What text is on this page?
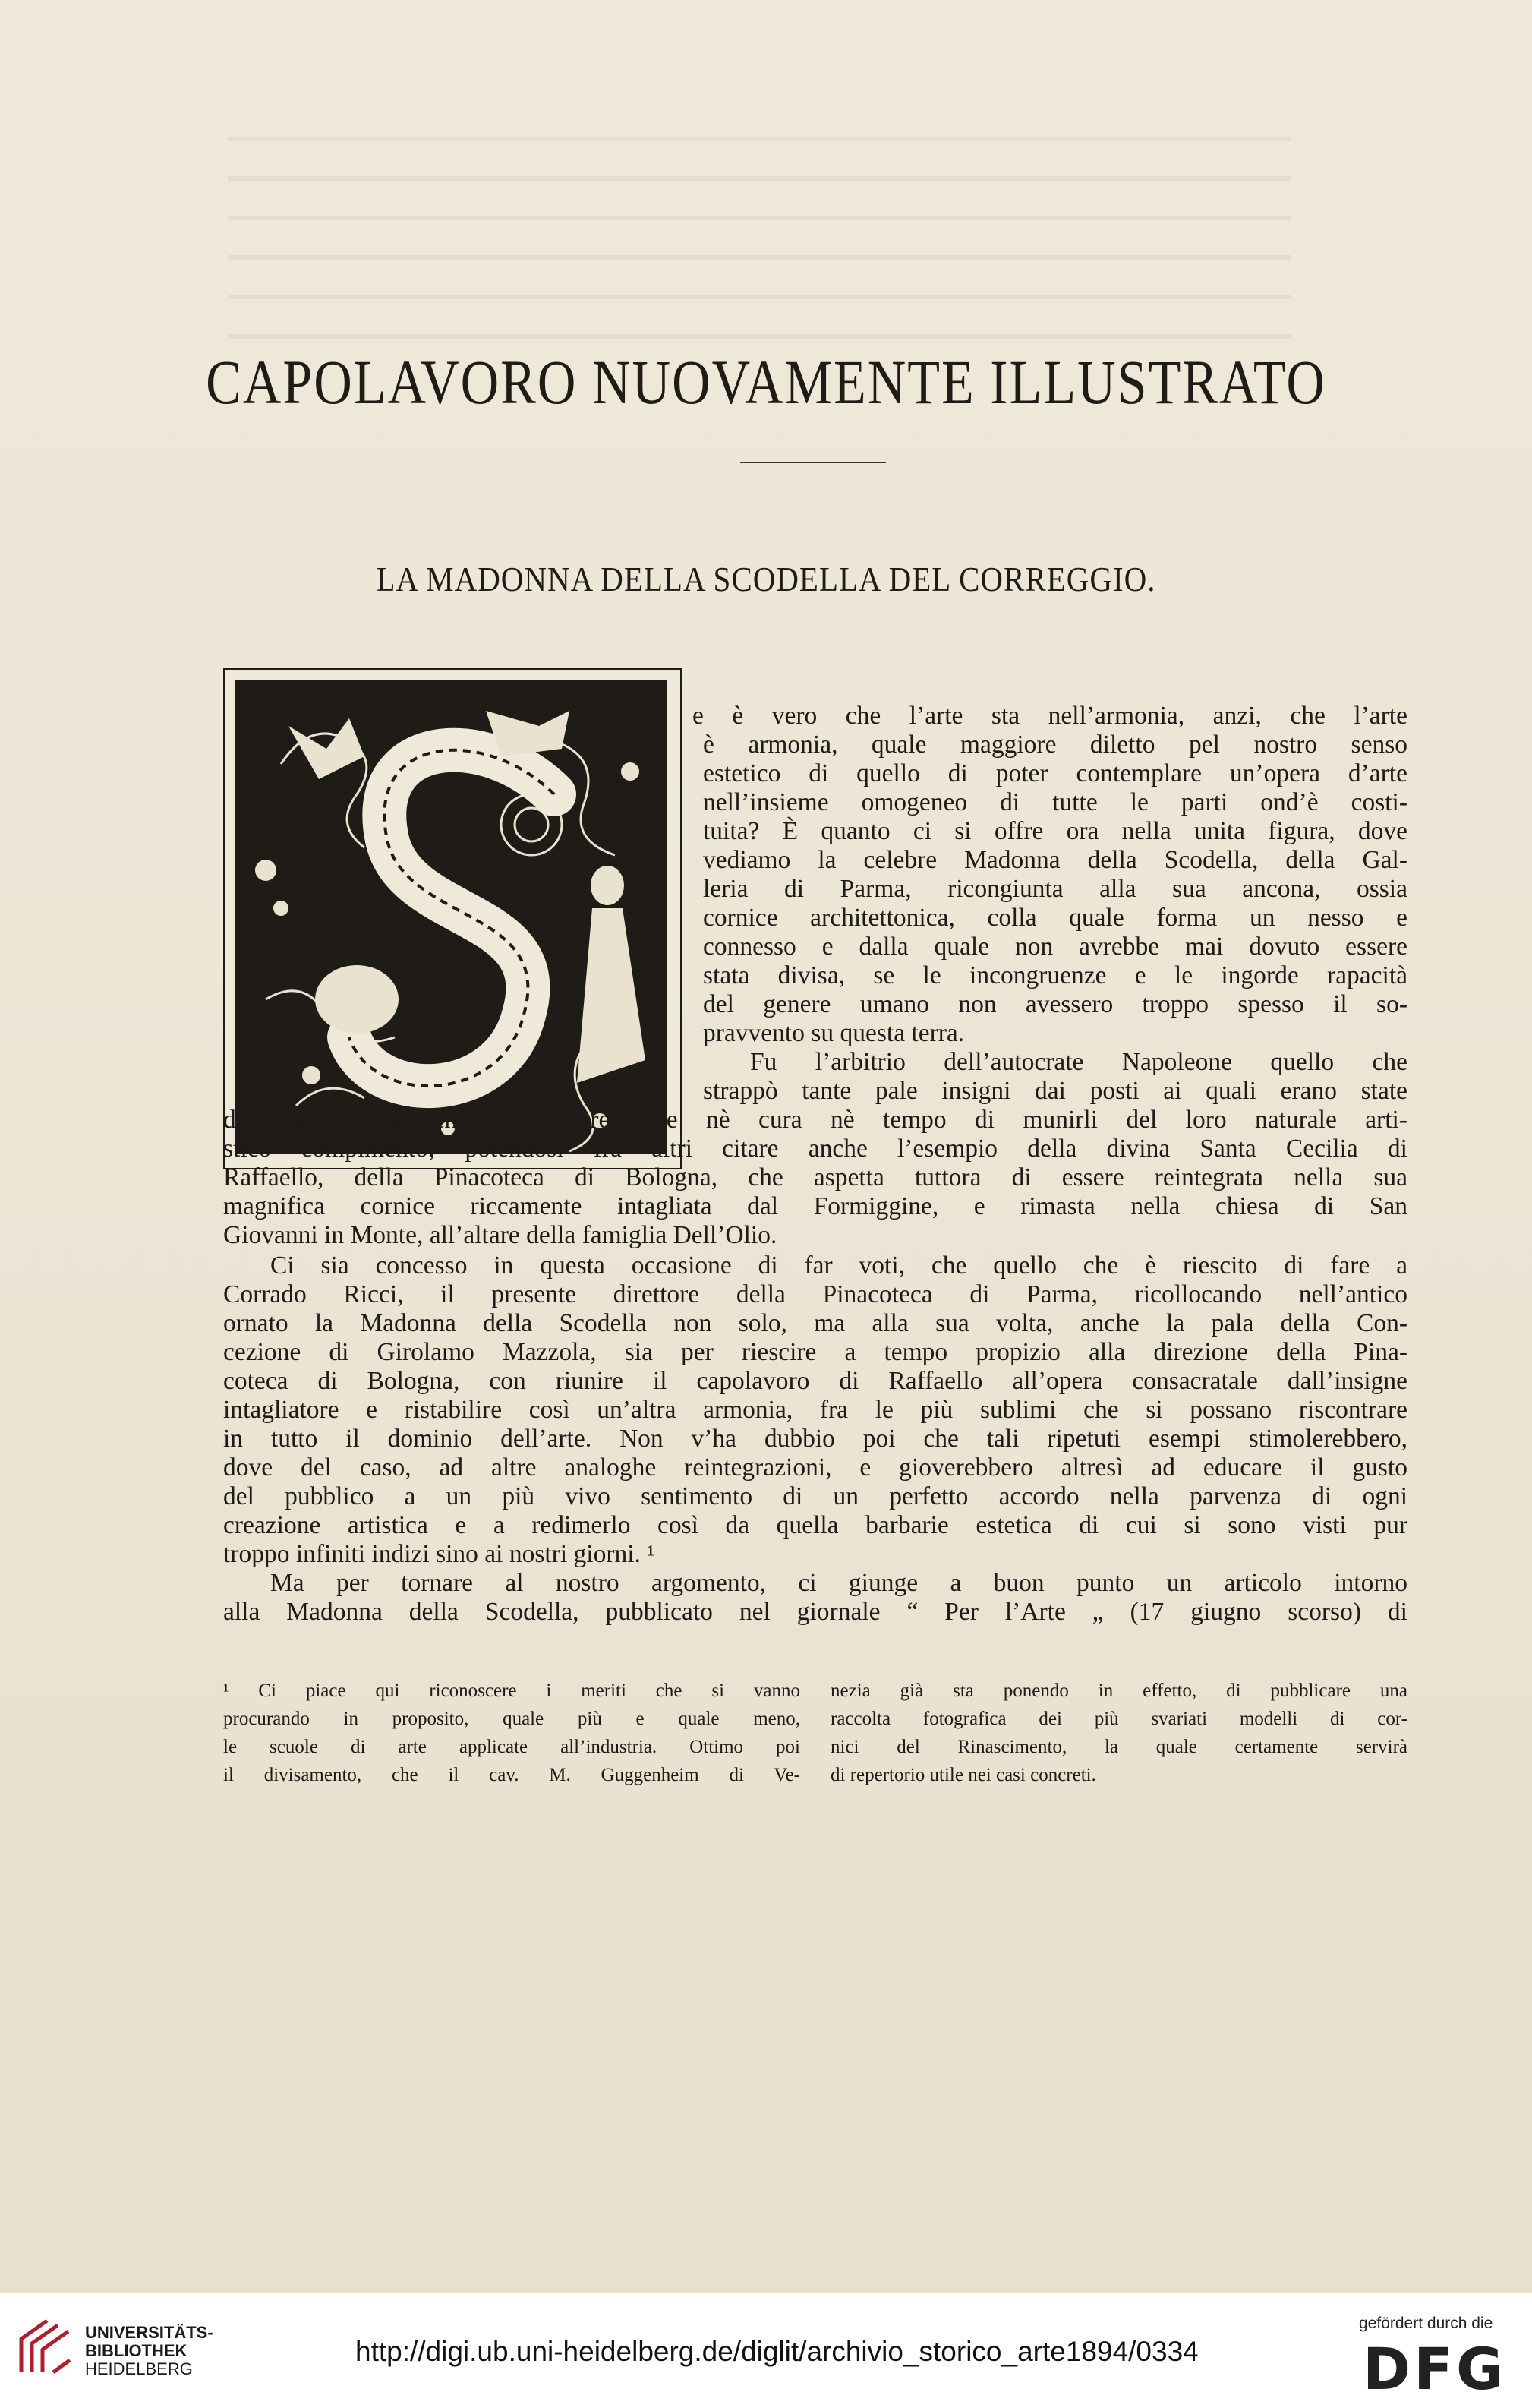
CAPOLAVORO NUOVAMENTE ILLUSTRATO
LA MADONNA DELLA SCODELLA DEL CORREGGIO.
e è vero che l’arte sta nell’armonia, anzi, che l’arte
è armonia, quale maggiore diletto pel nostro senso
estetico di quello di poter contemplare un’opera d’arte
nell’insieme omogeneo di tutte le parti ond’è costi-
tuita? È quanto ci si offre ora nella unita figura, dove
vediamo la celebre Madonna della Scodella, della Gal-
leria di Parma, ricongiunta alla sua ancona, ossia
cornice architettonica, colla quale forma un nesso e
connesso e dalla quale non avrebbe mai dovuto essere
stata divisa, se le incongruenze e le ingorde rapacità
del genere umano non avessero troppo spesso il so-
pravvento su questa terra.
Fu l’arbitrio dell’autocrate Napoleone quello che
strappò tante pale insigni dai posti ai quali erano state
destinate, senza ch’egli si prendesse nè cura nè tempo di munirli del loro naturale arti-
stico compimento; potendosi fra altri citare anche l’esempio della divina Santa Cecilia di
Raffaello, della Pinacoteca di Bologna, che aspetta tuttora di essere reintegrata nella sua
magnifica cornice riccamente intagliata dal Formiggine, e rimasta nella chiesa di San
Giovanni in Monte, all’altare della famiglia Dell’Olio.
Ci sia concesso in questa occasione di far voti, che quello che è riescito di fare a
Corrado Ricci, il presente direttore della Pinacoteca di Parma, ricollocando nell’antico
ornato la Madonna della Scodella non solo, ma alla sua volta, anche la pala della Con-
cezione di Girolamo Mazzola, sia per riescire a tempo propizio alla direzione della Pina-
coteca di Bologna, con riunire il capolavoro di Raffaello all’opera consacratale dall’insigne
intagliatore e ristabilire così un’altra armonia, fra le più sublimi che si possano riscontrare
in tutto il dominio dell’arte. Non v’ha dubbio poi che tali ripetuti esempi stimolerebbero,
dove del caso, ad altre analoghe reintegrazioni, e gioverebbero altresì ad educare il gusto
del pubblico a un più vivo sentimento di un perfetto accordo nella parvenza di ogni
creazione artistica e a redimerlo così da quella barbarie estetica di cui si sono visti pur
troppo infiniti indizi sino ai nostri giorni. ¹
Ma per tornare al nostro argomento, ci giunge a buon punto un articolo intorno
alla Madonna della Scodella, pubblicato nel giornale “ Per l’Arte „ (17 giugno scorso) di
¹ Ci piace qui riconoscere i meriti che si vanno
procurando in proposito, quale più e quale meno,
le scuole di arte applicate all’industria. Ottimo poi
il divisamento, che il cav. M. Guggenheim di Ve-
nezia già sta ponendo in effetto, di pubblicare una
raccolta fotografica dei più svariati modelli di cor-
nici del Rinascimento, la quale certamente servirà
di repertorio utile nei casi concreti.
UNIVERSITÄTS-
BIBLIOTHEK
HEIDELBERG
http://digi.ub.uni-heidelberg.de/diglit/archivio_storico_arte1894/0334
gefördert durch die
DFG
